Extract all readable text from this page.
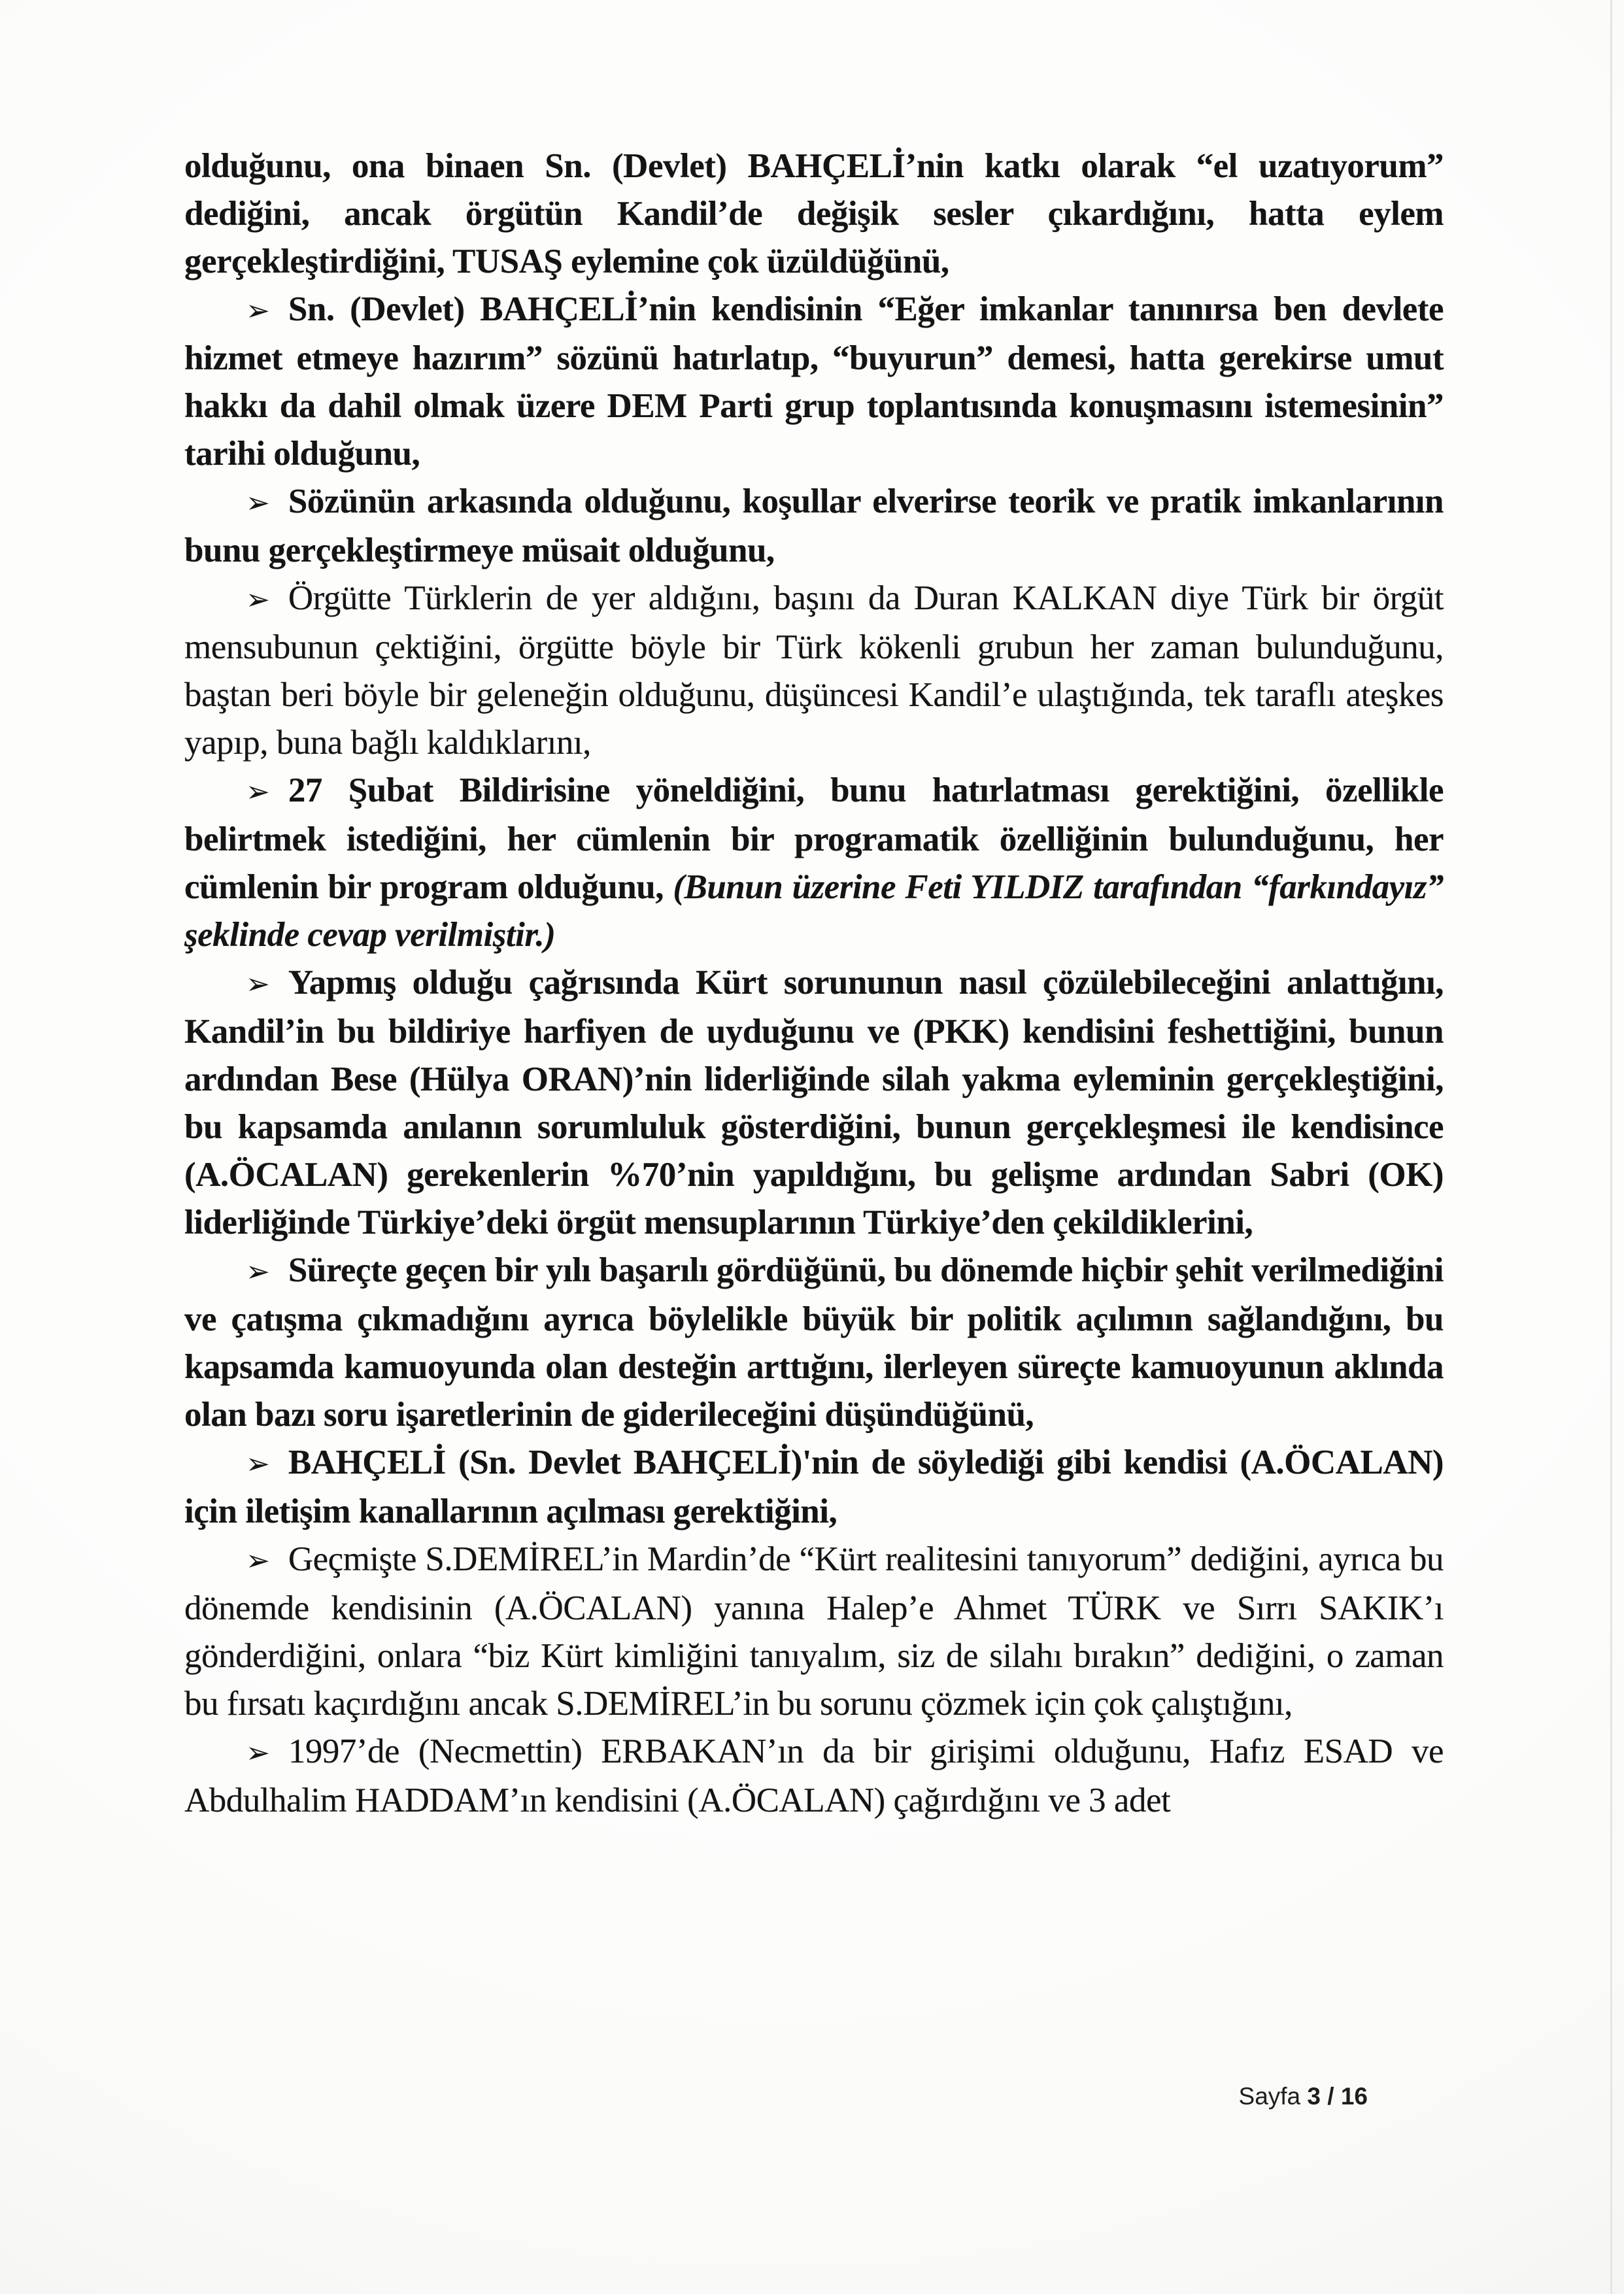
olduğunu, ona binaen Sn. (Devlet) BAHÇELİ’nin katkı olarak “el uzatıyorum” dediğini, ancak örgütün Kandil’de değişik sesler çıkardığını, hatta eylem gerçekleştirdiğini, TUSAŞ eylemine çok üzüldüğünü,

➢ Sn. (Devlet) BAHÇELİ’nin kendisinin “Eğer imkanlar tanınırsa ben devlete hizmet etmeye hazırım” sözünü hatırlatıp, “buyurun” demesi, hatta gerekirse umut hakkı da dahil olmak üzere DEM Parti grup toplantısında konuşmasını istemesinin” tarihi olduğunu,

➢ Sözünün arkasında olduğunu, koşullar elverirse teorik ve pratik imkanlarının bunu gerçekleştirmeye müsait olduğunu,

➢ Örgütte Türklerin de yer aldığını, başını da Duran KALKAN diye Türk bir örgüt mensubunun çektiğini, örgütte böyle bir Türk kökenli grubun her zaman bulunduğunu, baştan beri böyle bir geleneğin olduğunu, düşüncesi Kandil’e ulaştığında, tek taraflı ateşkes yapıp, buna bağlı kaldıklarını,

➢ 27 Şubat Bildirisine yöneldiğini, bunu hatırlatması gerektiğini, özellikle belirtmek istediğini, her cümlenin bir programatik özelliğinin bulunduğunu, her cümlenin bir program olduğunu, (Bunun üzerine Feti YILDIZ tarafından “farkındayız” şeklinde cevap verilmiştir.)

➢ Yapmış olduğu çağrısında Kürt sorununun nasıl çözülebileceğini anlattığını, Kandil’in bu bildiriye harfiyen de uyduğunu ve (PKK) kendisini feshettiğini, bunun ardından Bese (Hülya ORAN)’nin liderliğinde silah yakma eyleminin gerçekleştiğini, bu kapsamda anılanın sorumluluk gösterdiğini, bunun gerçekleşmesi ile kendisince (A.ÖCALAN) gerekenlerin %70’nin yapıldığını, bu gelişme ardından Sabri (OK) liderliğinde Türkiye’deki örgüt mensuplarının Türkiye’den çekildiklerini,

➢ Süreçte geçen bir yılı başarılı gördüğünü, bu dönemde hiçbir şehit verilmediğini ve çatışma çıkmadığını ayrıca böylelikle büyük bir politik açılımın sağlandığını, bu kapsamda kamuoyunda olan desteğin arttığını, ilerleyen süreçte kamuoyunun aklında olan bazı soru işaretlerinin de giderileceğini düşündüğünü,

➢ BAHÇELİ (Sn. Devlet BAHÇELİ)'nin de söylediği gibi kendisi (A.ÖCALAN) için iletişim kanallarının açılması gerektiğini,

➢ Geçmişte S.DEMİREL’in Mardin’de “Kürt realitesini tanıyorum” dediğini, ayrıca bu dönemde kendisinin (A.ÖCALAN) yanına Halep’e Ahmet TÜRK ve Sırrı SAKIK’ı gönderdiğini, onlara “biz Kürt kimliğini tanıyalım, siz de silahı bırakın” dediğini, o zaman bu fırsatı kaçırdığını ancak S.DEMİREL’in bu sorunu çözmek için çok çalıştığını,

➢ 1997’de (Necmettin) ERBAKAN’ın da bir girişimi olduğunu, Hafız ESAD ve Abdulhalim HADDAM’ın kendisini (A.ÖCALAN) çağırdığını ve 3 adet

Sayfa 3 / 16
